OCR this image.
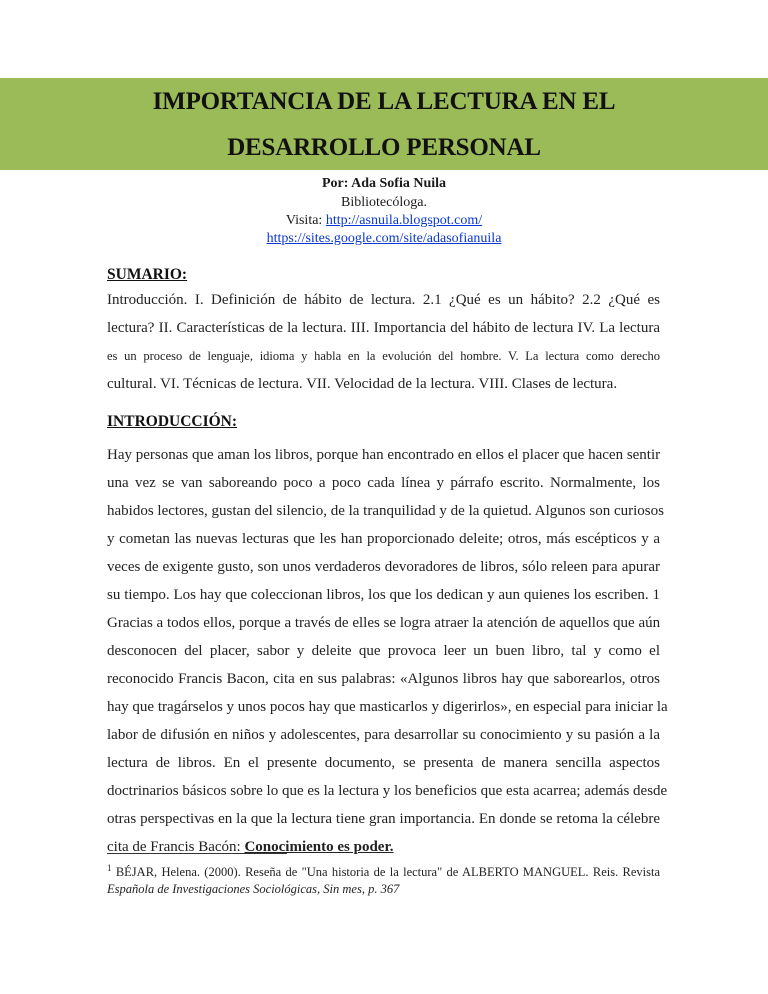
IMPORTANCIA DE LA LECTURA EN EL
DESARROLLO PERSONAL
Por: Ada Sofia Nuila
Bibliotecóloga.
Visita: http://asnuila.blogspot.com/
https://sites.google.com/site/adasofianuila
SUMARIO:
Introducción. I. Definición de hábito de lectura. 2.1 ¿Qué es un hábito? 2.2 ¿Qué es
lectura? II. Características de la lectura. III. Importancia del hábito de lectura IV. La lectura
es un proceso de lenguaje, idioma y habla en la evolución del hombre. V. La lectura como derecho
cultural. VI. Técnicas de lectura. VII. Velocidad de la lectura. VIII. Clases de lectura.
INTRODUCCIÓN:
Hay personas que aman los libros, porque han encontrado en ellos el placer que hacen sentir
una vez se van saboreando poco a poco cada línea y párrafo escrito. Normalmente, los
habidos lectores, gustan del silencio, de la tranquilidad y de la quietud. Algunos son curiosos
y cometan las nuevas lecturas que les han proporcionado deleite; otros, más escépticos y a
veces de exigente gusto, son unos verdaderos devoradores de libros, sólo releen para apurar
su tiempo. Los hay que coleccionan libros, los que los dedican y aun quienes los escriben. 1
Gracias a todos ellos, porque a través de elles se logra atraer la atención de aquellos que aún
desconocen del placer, sabor y deleite que provoca leer un buen libro, tal y como el
reconocido Francis Bacon, cita en sus palabras: «Algunos libros hay que saborearlos, otros
hay que tragárselos y unos pocos hay que masticarlos y digerirlos», en especial para iniciar la
labor de difusión en niños y adolescentes, para desarrollar su conocimiento y su pasión a la
lectura de libros. En el presente documento, se presenta de manera sencilla aspectos
doctrinarios básicos sobre lo que es la lectura y los beneficios que esta acarrea; además desde
otras perspectivas en la que la lectura tiene gran importancia. En donde se retoma la célebre
cita de Francis Bacón: Conocimiento es poder.
$^1$ BÉJAR, Helena. (2000). Reseña de "Una historia de la lectura" de ALBERTO MANGUEL. Reis. Revista
Española de Investigaciones Sociológicas, Sin mes, p. 367
